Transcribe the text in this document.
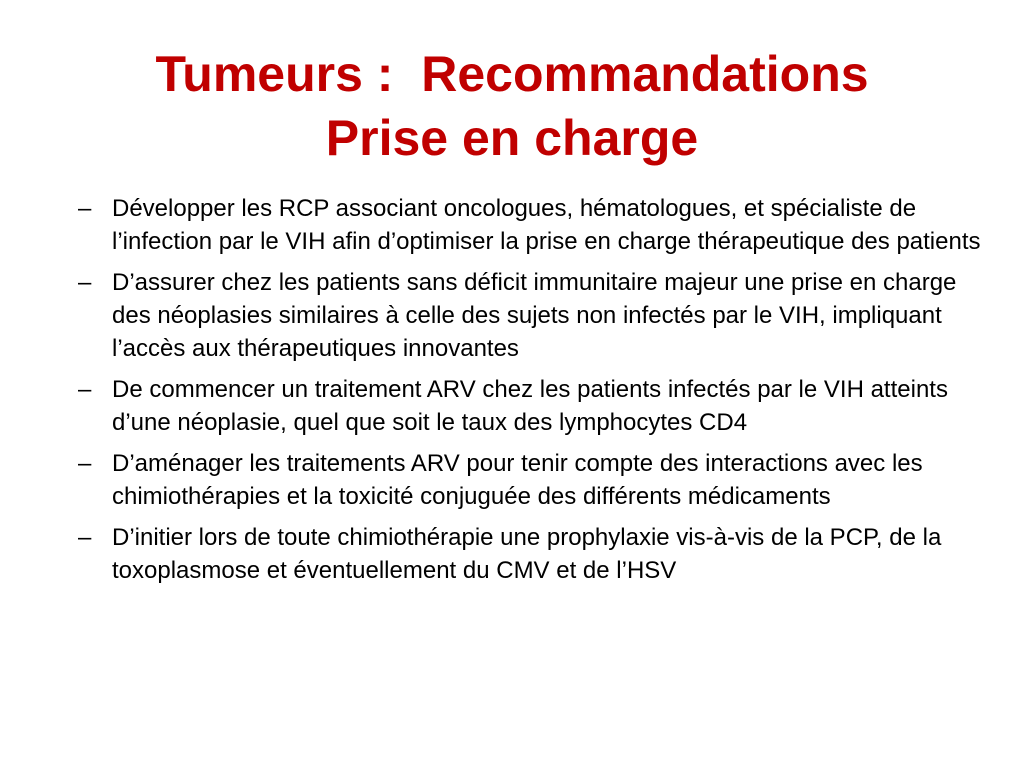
Tumeurs :  Recommandations
Prise en charge
– Développer les RCP associant oncologues, hématologues, et spécialiste de l’infection par le VIH afin d’optimiser la prise en charge thérapeutique des patients
– D’assurer chez les patients sans déficit immunitaire majeur une prise en charge des néoplasies similaires à celle des sujets non infectés par le VIH, impliquant l’accès aux thérapeutiques innovantes
– De commencer un traitement ARV chez les patients infectés par le VIH atteints d’une néoplasie, quel que soit le taux des lymphocytes CD4
– D’aménager les traitements ARV pour tenir compte des interactions avec les chimiothérapies et la toxicité conjuguée des différents médicaments
– D’initier lors de toute chimiothérapie une prophylaxie vis-à-vis de la PCP, de la toxoplasmose et éventuellement du CMV et de l’HSV
